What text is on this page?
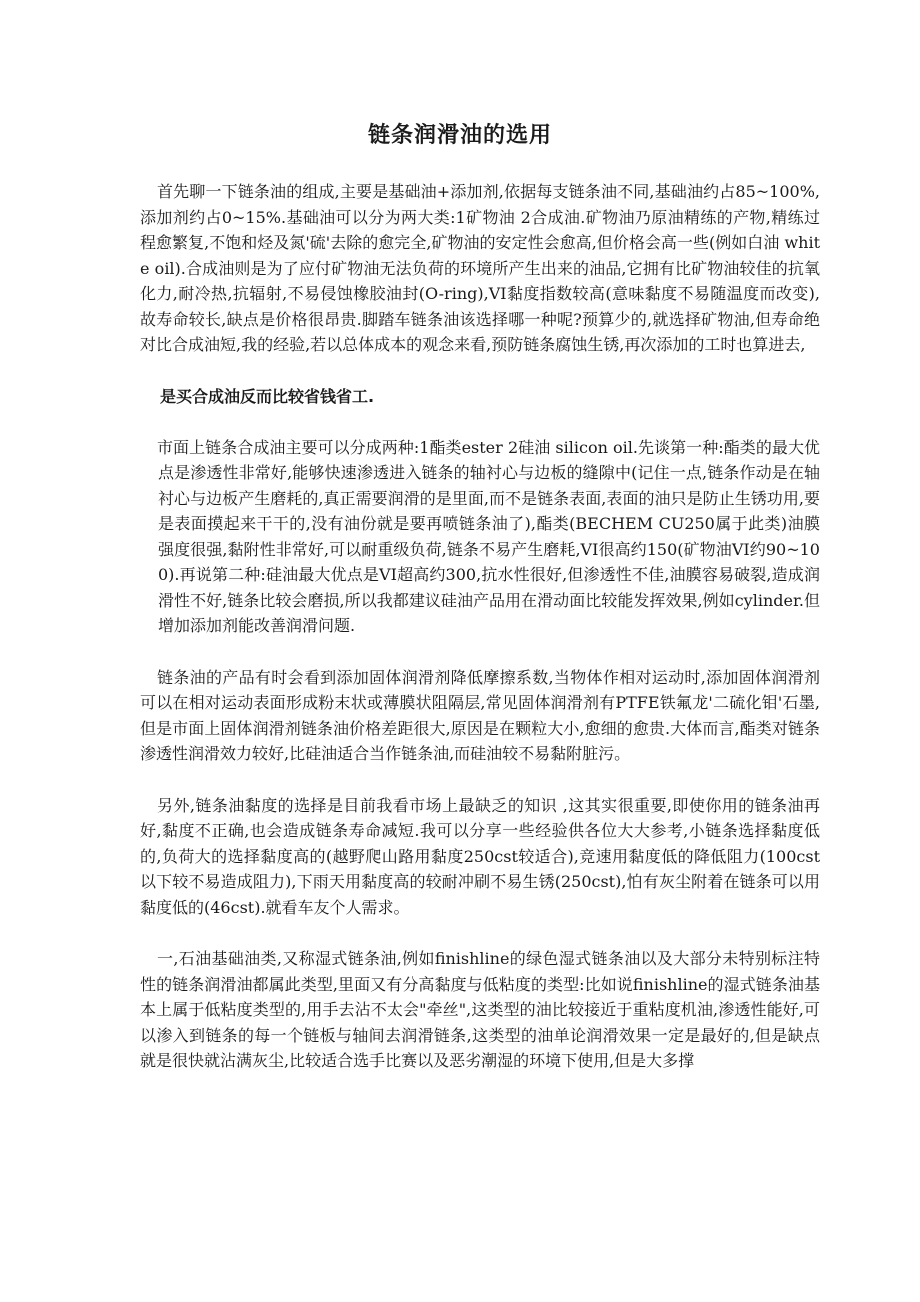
链条润滑油的选用

首先聊一下链条油的组成,主要是基础油+添加剂,依据每支链条油不同,基础油约占85~100%,添加剂约占0~15%.基础油可以分为两大类:1矿物油 2合成油.矿物油乃原油精练的产物,精练过程愈繁复,不饱和烃及氮'硫'去除的愈完全,矿物油的安定性会愈高,但价格会高一些(例如白油 white oil).合成油则是为了应付矿物油无法负荷的环境所产生出来的油品,它拥有比矿物油较佳的抗氧化力,耐冷热,抗辐射,不易侵蚀橡胶油封(O-ring),VI黏度指数较高(意味黏度不易随温度而改变),故寿命较长,缺点是价格很昂贵.脚踏车链条油该选择哪一种呢?预算少的,就选择矿物油,但寿命绝对比合成油短,我的经验,若以总体成本的观念来看,预防链条腐蚀生锈,再次添加的工时也算进去,

是买合成油反而比较省钱省工.

市面上链条合成油主要可以分成两种:1酯类ester 2硅油 silicon oil.先谈第一种:酯类的最大优点是渗透性非常好,能够快速渗透进入链条的轴衬心与边板的缝隙中(记住一点,链条作动是在轴衬心与边板产生磨耗的,真正需要润滑的是里面,而不是链条表面,表面的油只是防止生锈功用,要是表面摸起来干干的,没有油份就是要再喷链条油了),酯类(BECHEM CU250属于此类)油膜强度很强,黏附性非常好,可以耐重级负荷,链条不易产生磨耗,VI很高约150(矿物油VI约90~100).再说第二种:硅油最大优点是VI超高约300,抗水性很好,但渗透性不佳,油膜容易破裂,造成润滑性不好,链条比较会磨损,所以我都建议硅油产品用在滑动面比较能发挥效果,例如cylinder.但增加添加剂能改善润滑问题.

链条油的产品有时会看到添加固体润滑剂降低摩擦系数,当物体作相对运动时,添加固体润滑剂可以在相对运动表面形成粉末状或薄膜状阻隔层,常见固体润滑剂有PTFE铁氟龙'二硫化钼'石墨,但是市面上固体润滑剂链条油价格差距很大,原因是在颗粒大小,愈细的愈贵.大体而言,酯类对链条渗透性润滑效力较好,比硅油适合当作链条油,而硅油较不易黏附脏污。

另外,链条油黏度的选择是目前我看市场上最缺乏的知识 ,这其实很重要,即使你用的链条油再好,黏度不正确,也会造成链条寿命减短.我可以分享一些经验供各位大大参考,小链条选择黏度低的,负荷大的选择黏度高的(越野爬山路用黏度250cst较适合),竞速用黏度低的降低阻力(100cst以下较不易造成阻力),下雨天用黏度高的较耐冲刷不易生锈(250cst),怕有灰尘附着在链条可以用黏度低的(46cst).就看车友个人需求。

一,石油基础油类,又称湿式链条油,例如finishline的绿色湿式链条油以及大部分未特别标注特性的链条润滑油都属此类型,里面又有分高黏度与低粘度的类型:比如说finishline的湿式链条油基本上属于低粘度类型的,用手去沾不太会"牵丝",这类型的油比较接近于重粘度机油,渗透性能好,可以渗入到链条的每一个链板与轴间去润滑链条,这类型的油单论润滑效果一定是最好的,但是缺点就是很快就沾满灰尘,比较适合选手比赛以及恶劣潮湿的环境下使用,但是大多撑
